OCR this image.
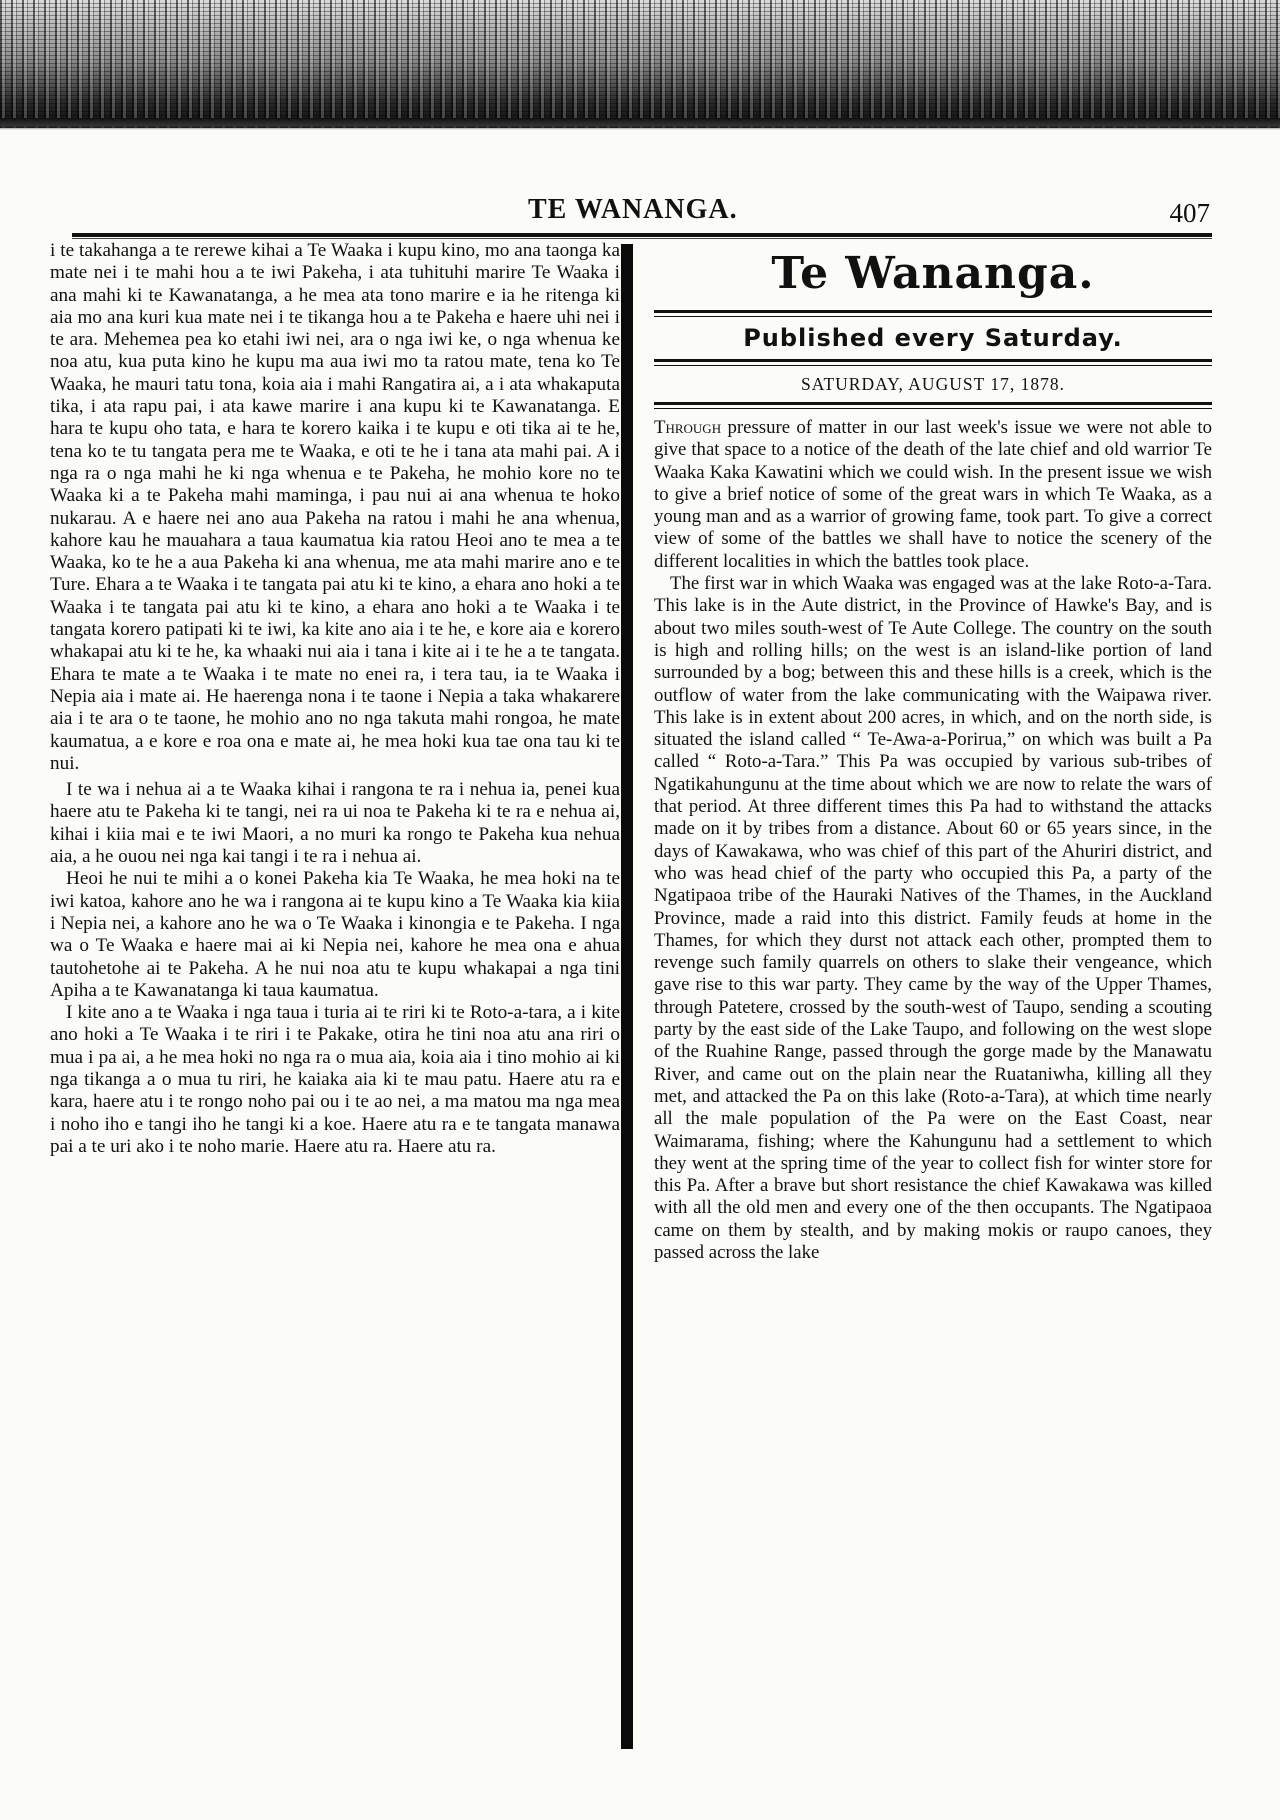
TE WANANGA.	407

i te takahanga a te rerewe kihai a Te Waaka i kupu kino, mo ana taonga ka mate nei i te mahi hou a te iwi Pakeha, i ata tuhituhi marire Te Waaka i ana mahi ki te Kawanatanga, a he mea ata tono marire e ia he ritenga ki aia mo ana kuri kua mate nei i te tikanga hou a te Pakeha e haere uhi nei i te ara. Mehemea pea ko etahi iwi nei, ara o nga iwi ke, o nga whenua ke noa atu, kua puta kino he kupu ma aua iwi mo ta ratou mate, tena ko Te Waaka, he mauri tatu tona, koia aia i mahi Rangatira ai, a i ata whakaputa tika, i ata rapu pai, i ata kawe marire i ana kupu ki te Kawanatanga. E hara te kupu oho tata, e hara te korero kaika i te kupu e oti tika ai te he, tena ko te tu tangata pera me te Waaka, e oti te he i tana ata mahi pai. A i nga ra o nga mahi he ki nga whenua e te Pakeha, he mohio kore no te Waaka ki a te Pakeha mahi mamingа, i pau nui ai ana whenua te hoko nukarau. A e haere nei ano aua Pakeha na ratou i mahi he ana whenua, kahore kau he mauahara a taua kaumatua kia ratou Heoi ano te mea a te Waaka, ko te he a aua Pakeha ki ana whenua, me ata mahi marire ano e te Ture. Ehara a te Waaka i te tangata pai atu ki te kino, a ehara ano hoki a te Waaka i te tangata pai atu ki te kino, a ehara ano hoki a te Waaka i te tangata korero patipati ki te iwi, ka kite ano aia i te he, e kore aia e korero whakapai atu ki te he, ka whaaki nui aia i tana i kite ai i te he a te tangata. Ehara te mate a te Waaka i te mate no enei ra, i tera tau, ia te Waaka i Nepia aia i mate ai. He haerenga nona i te taone i Nepia a taka whakarere aia i te ara o te taone, he mohio ano no nga takuta mahi rongoa, he mate kaumatua, a e kore e roa ona e mate ai, he mea hoki kua tae ona tau ki te nui.

I te wa i nehua ai a te Waaka kihai i rangona te ra i nehua ia, penei kua haere atu te Pakeha ki te tangi, nei ra ui noa te Pakeha ki te ra e nehua ai, kihai i kiia mai e te iwi Maori, a no muri ka rongo te Pakeha kua nehua aia, a he ouou nei nga kai tangi i te ra i nehua ai.

Heoi he nui te mihi a o konei Pakeha kia Te Waaka, he mea hoki na te iwi katoa, kahore ano he wa i rangona ai te kupu kino a Te Waaka kia kiia i Nepia nei, a kahore ano he wa o Te Waaka i kinongia e te Pakeha. I nga wa o Te Waaka e haere mai ai ki Nepia nei, kahore he mea ona e ahua tautohetohe ai te Pakeha. A he nui noa atu te kupu whakapai a nga tini Apiha a te Kawanatanga ki taua kaumatua.

I kite ano a te Waaka i nga taua i turia ai te riri ki te Roto-a-tara, a i kite ano hoki a Te Waaka i te riri i te Pakake, otira he tini noa atu ana riri o mua i pa ai, a he mea hoki no nga ra o mua aia, koia aia i tino mohio ai ki nga tikanga a o mua tu riri, he kaiaka aia ki te mau patu. Haere atu ra e kara, haere atu i te rongo noho pai ou i te ao nei, a ma matou ma nga mea i noho iho e tangi iho he tangi ki a koe. Haere atu ra e te tangata manawa pai a te uri ako i te noho marie. Haere atu ra. Haere atu ra.

Te Wananga.
Published every Saturday.
SATURDAY, AUGUST 17, 1878.

Through pressure of matter in our last week's issue we were not able to give that space to a notice of the death of the late chief and old warrior Te Waaka Kaka Kawatini which we could wish. In the present issue we wish to give a brief notice of some of the great wars in which Te Waaka, as a young man and as a warrior of growing fame, took part. To give a correct view of some of the battles we shall have to notice the scenery of the different localities in which the battles took place.

The first war in which Waaka was engaged was at the lake Roto-a-Tara. This lake is in the Aute district, in the Province of Hawke's Bay, and is about two miles south-west of Te Aute College. The country on the south is high and rolling hills; on the west is an island-like portion of land surrounded by a bog; between this and these hills is a creek, which is the outflow of water from the lake communicating with the Waipawa river. This lake is in extent about 200 acres, in which, and on the north side, is situated the island called “ Te-Awa-a-Porirua,” on which was built a Pa called “ Roto-a-Tara.” This Pa was occupied by various sub-tribes of Ngatikahungunu at the time about which we are now to relate the wars of that period. At three different times this Pa had to withstand the attacks made on it by tribes from a distance. About 60 or 65 years since, in the days of Kawakawa, who was chief of this part of the Ahuriri district, and who was head chief of the party who occupied this Pa, a party of the Ngatipaoa tribe of the Hauraki Natives of the Thames, in the Auckland Province, made a raid into this district. Family feuds at home in the Thames, for which they durst not attack each other, prompted them to revenge such family quarrels on others to slake their vengeance, which gave rise to this war party. They came by the way of the Upper Thames, through Patetere, crossed by the south-west of Taupo, sending a scouting party by the east side of the Lake Taupo, and following on the west slope of the Ruahine Range, passed through the gorge made by the Manawatu River, and came out on the plain near the Ruataniwha, killing all they met, and attacked the Pa on this lake (Roto-a-Tara), at which time nearly all the male population of the Pa were on the East Coast, near Waimarama, fishing; where the Kahungunu had a settlement to which they went at the spring time of the year to collect fish for winter store for this Pa. After a brave but short resistance the chief Kawakawa was killed with all the old men and every one of the then occupants. The Ngatipaoa came on them by stealth, and by making mokis or raupo canoes, they passed across the lake
